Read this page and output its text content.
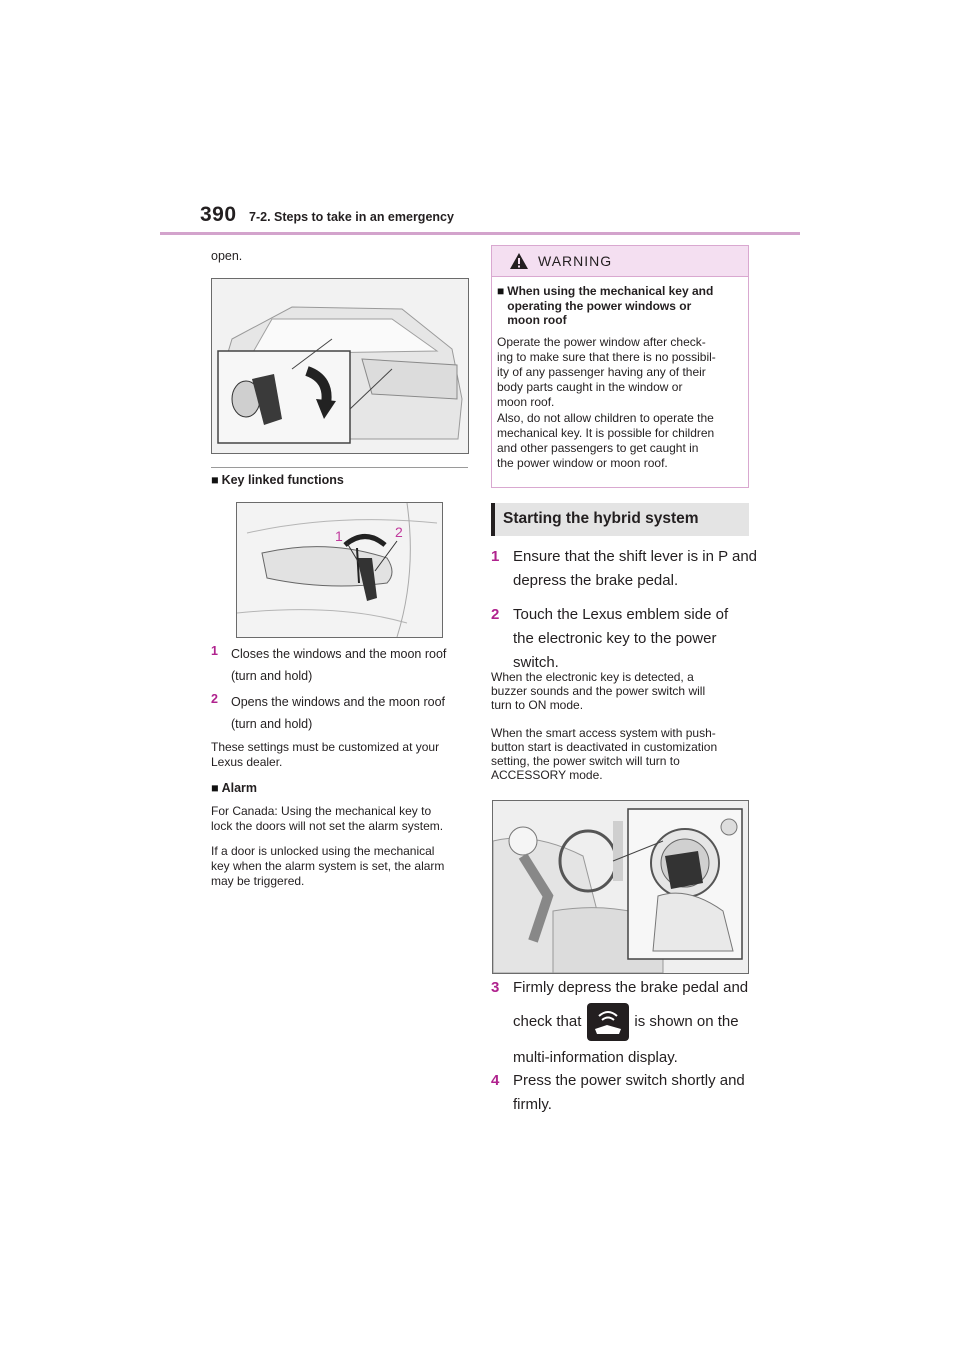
390 7-2. Steps to take in an emergency
open.
■ Key linked functions
1	2
1	Closes the windows and the moon roof
(turn and hold)
2	Opens the windows and the moon roof
(turn and hold)
These settings must be customized at your
Lexus dealer.
■ Alarm
For Canada: Using the mechanical key to
lock the doors will not set the alarm system.
If a door is unlocked using the mechanical
key when the alarm system is set, the alarm
may be triggered.
WARNING
■ When using the mechanical key and
operating the power windows or
moon roof
Operate the power window after check-
ing to make sure that there is no possibil-
ity of any passenger having any of their
body parts caught in the window or
moon roof.
Also, do not allow children to operate the
mechanical key. It is possible for children
and other passengers to get caught in
the power window or moon roof.
Starting the hybrid system
1 Ensure that the shift lever is in P and
depress the brake pedal.
2 Touch the Lexus emblem side of
the electronic key to the power
switch.
When the electronic key is detected, a
buzzer sounds and the power switch will
turn to ON mode.
When the smart access system with push-
button start is deactivated in customization
setting, the power switch will turn to
ACCESSORY mode.
3 Firmly depress the brake pedal and
check that	is shown on the
multi-information display.
4 Press the power switch shortly and
firmly.
